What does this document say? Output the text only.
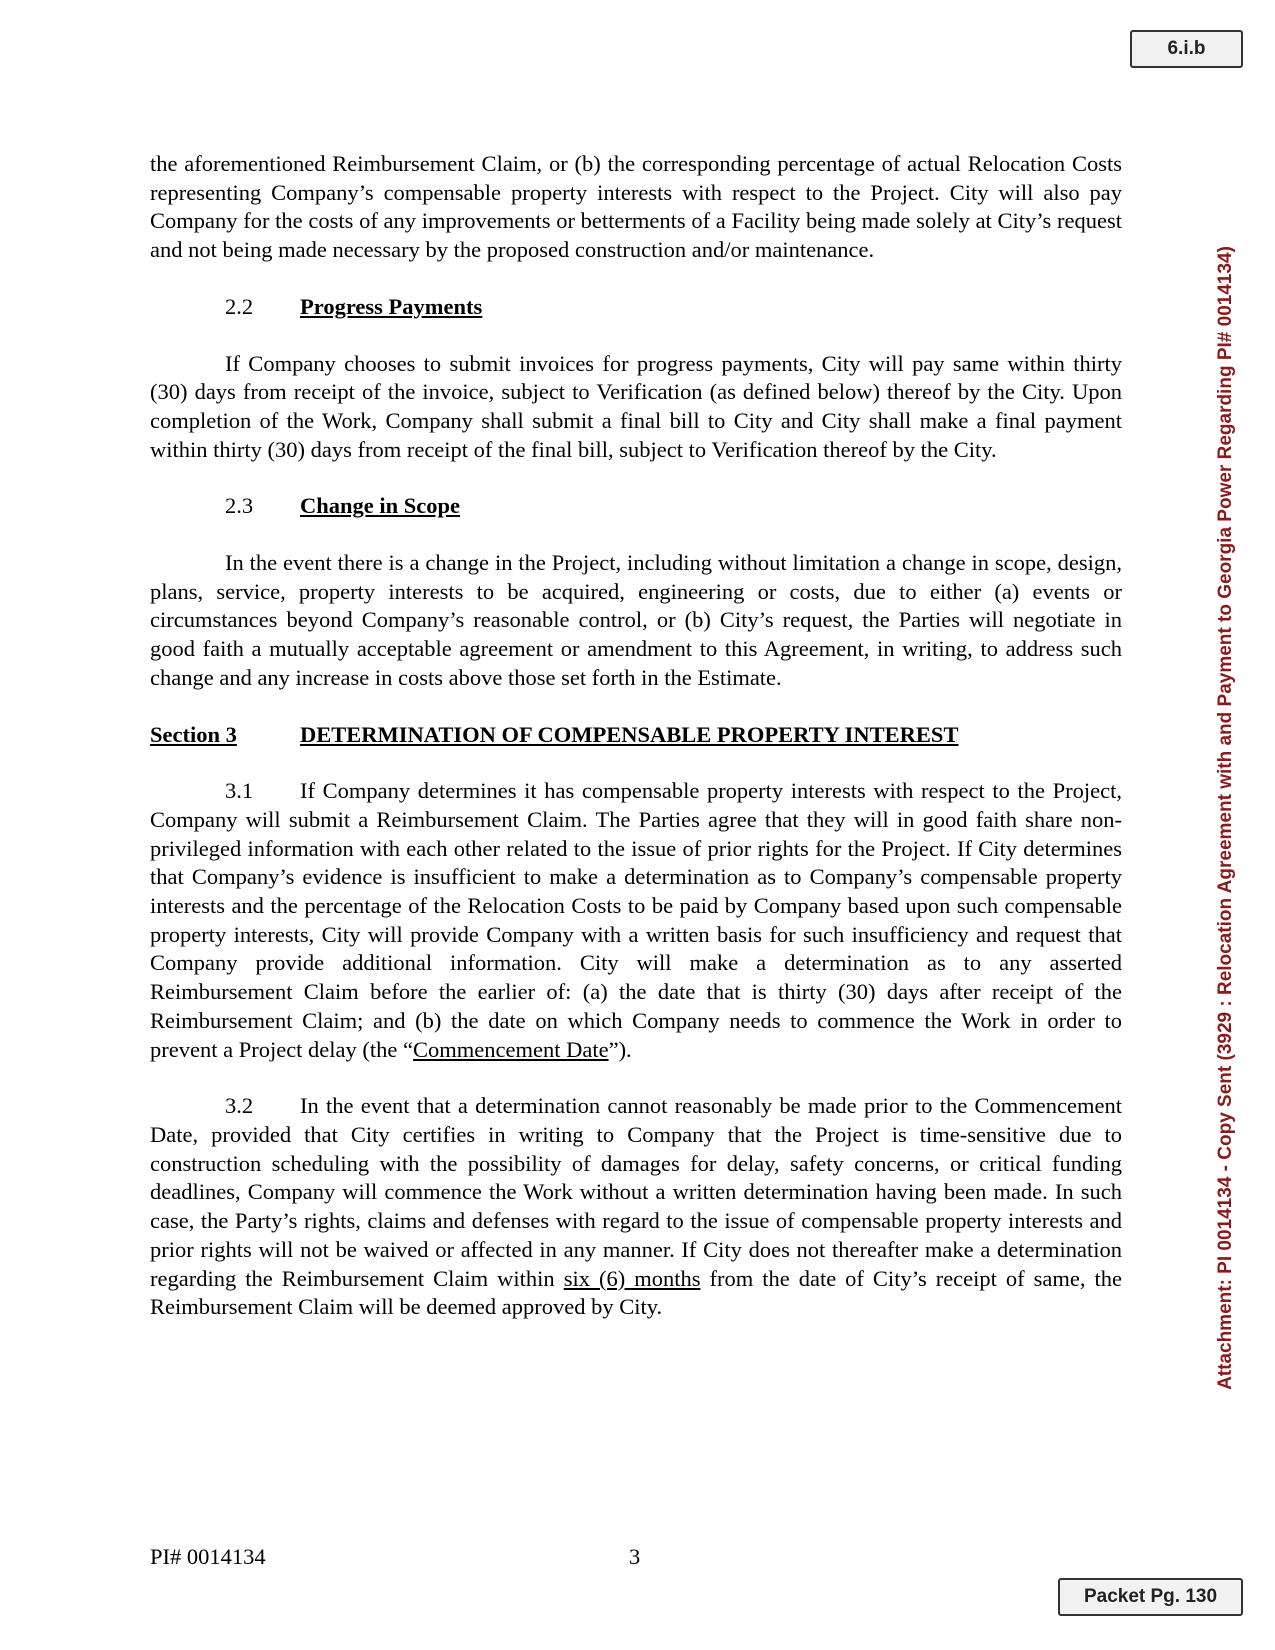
6.i.b
Attachment: PI 0014134 - Copy Sent (3929 : Relocation Agreement with and Payment to Georgia Power Regarding PI# 0014134)

the aforementioned Reimbursement Claim, or (b) the corresponding percentage of actual Relocation Costs representing Company’s compensable property interests with respect to the Project. City will also pay Company for the costs of any improvements or betterments of a Facility being made solely at City’s request and not being made necessary by the proposed construction and/or maintenance.

2.2	Progress Payments

If Company chooses to submit invoices for progress payments, City will pay same within thirty (30) days from receipt of the invoice, subject to Verification (as defined below) thereof by the City. Upon completion of the Work, Company shall submit a final bill to City and City shall make a final payment within thirty (30) days from receipt of the final bill, subject to Verification thereof by the City.

2.3	Change in Scope

In the event there is a change in the Project, including without limitation a change in scope, design, plans, service, property interests to be acquired, engineering or costs, due to either (a) events or circumstances beyond Company’s reasonable control, or (b) City’s request, the Parties will negotiate in good faith a mutually acceptable agreement or amendment to this Agreement, in writing, to address such change and any increase in costs above those set forth in the Estimate.

Section 3	DETERMINATION OF COMPENSABLE PROPERTY INTEREST

3.1 If Company determines it has compensable property interests with respect to the Project, Company will submit a Reimbursement Claim. The Parties agree that they will in good faith share non-privileged information with each other related to the issue of prior rights for the Project. If City determines that Company’s evidence is insufficient to make a determination as to Company’s compensable property interests and the percentage of the Relocation Costs to be paid by Company based upon such compensable property interests, City will provide Company with a written basis for such insufficiency and request that Company provide additional information. City will make a determination as to any asserted Reimbursement Claim before the earlier of: (a) the date that is thirty (30) days after receipt of the Reimbursement Claim; and (b) the date on which Company needs to commence the Work in order to prevent a Project delay (the “Commencement Date”).

3.2 In the event that a determination cannot reasonably be made prior to the Commencement Date, provided that City certifies in writing to Company that the Project is time-sensitive due to construction scheduling with the possibility of damages for delay, safety concerns, or critical funding deadlines, Company will commence the Work without a written determination having been made. In such case, the Party’s rights, claims and defenses with regard to the issue of compensable property interests and prior rights will not be waived or affected in any manner. If City does not thereafter make a determination regarding the Reimbursement Claim within six (6) months from the date of City’s receipt of same, the Reimbursement Claim will be deemed approved by City.

PI# 0014134	3
Packet Pg. 130
